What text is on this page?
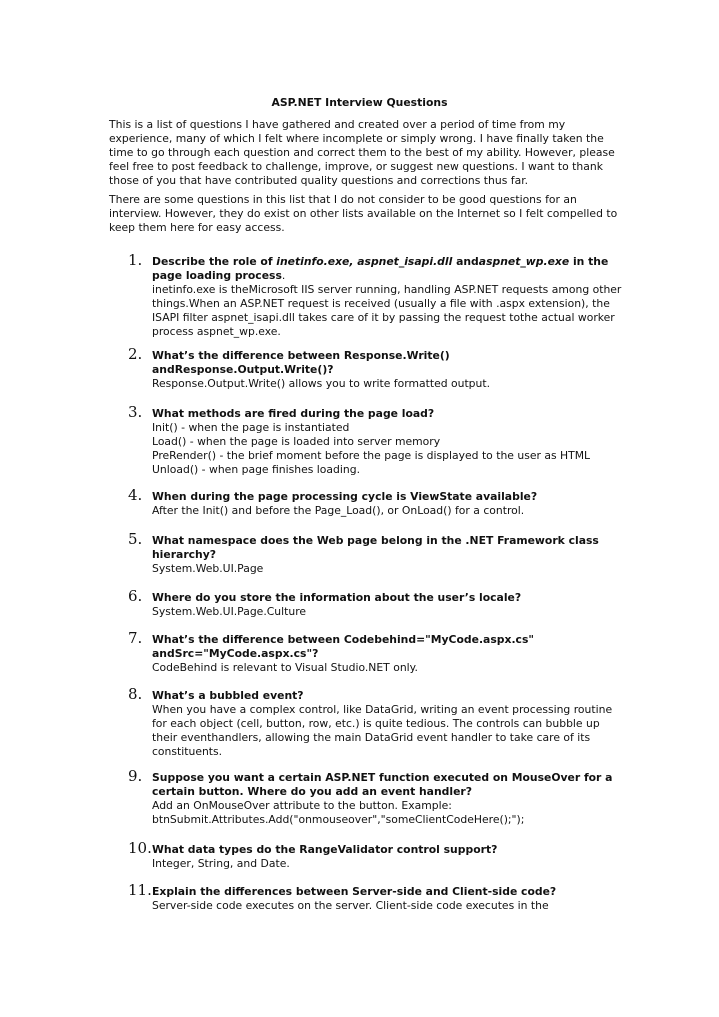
ASP.NET Interview Questions

This is a list of questions I have gathered and created over a period of time from my experience, many of which I felt where incomplete or simply wrong. I have finally taken the time to go through each question and correct them to the best of my ability. However, please feel free to post feedback to challenge, improve, or suggest new questions. I want to thank those of you that have contributed quality questions and corrections thus far.

There are some questions in this list that I do not consider to be good questions for an interview. However, they do exist on other lists available on the Internet so I felt compelled to keep them here for easy access.

1. Describe the role of inetinfo.exe, aspnet_isapi.dll andaspnet_wp.exe in the page loading process.
inetinfo.exe is theMicrosoft IIS server running, handling ASP.NET requests among other things.When an ASP.NET request is received (usually a file with .aspx extension), the ISAPI filter aspnet_isapi.dll takes care of it by passing the request tothe actual worker process aspnet_wp.exe.
2. What’s the difference between Response.Write() andResponse.Output.Write()?
Response.Output.Write() allows you to write formatted output.
3. What methods are fired during the page load?
Init() - when the page is instantiated
Load() - when the page is loaded into server memory
PreRender() - the brief moment before the page is displayed to the user as HTML
Unload() - when page finishes loading.
4. When during the page processing cycle is ViewState available?
After the Init() and before the Page_Load(), or OnLoad() for a control.
5. What namespace does the Web page belong in the .NET Framework class hierarchy?
System.Web.UI.Page
6. Where do you store the information about the user’s locale?
System.Web.UI.Page.Culture
7. What’s the difference between Codebehind="MyCode.aspx.cs" andSrc="MyCode.aspx.cs"?
CodeBehind is relevant to Visual Studio.NET only.
8. What’s a bubbled event?
When you have a complex control, like DataGrid, writing an event processing routine for each object (cell, button, row, etc.) is quite tedious. The controls can bubble up their eventhandlers, allowing the main DataGrid event handler to take care of its constituents.
9. Suppose you want a certain ASP.NET function executed on MouseOver for a certain button. Where do you add an event handler?
Add an OnMouseOver attribute to the button. Example: btnSubmit.Attributes.Add("onmouseover","someClientCodeHere();");
10. What data types do the RangeValidator control support?
Integer, String, and Date.
11. Explain the differences between Server-side and Client-side code?
Server-side code executes on the server. Client-side code executes in the
